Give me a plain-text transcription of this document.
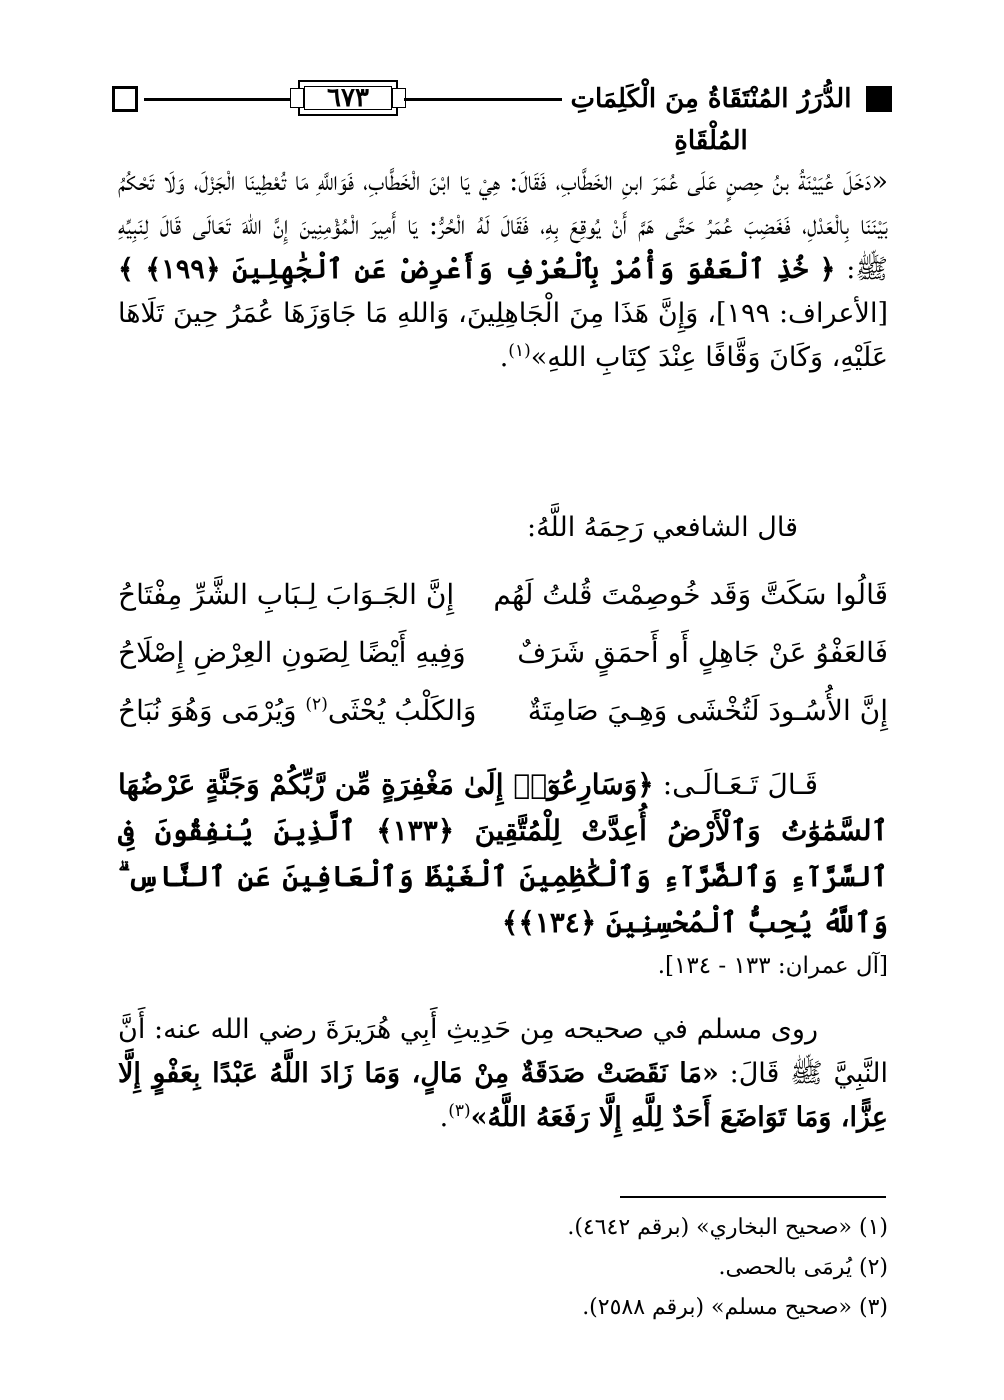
٦٧٣	الدُّرَرُ المُنْتَقَاةُ مِنَ الْكَلِمَاتِ المُلْقَاةِ
«دَخَلَ عُيَيْنَةُ بنُ حِصنٍ عَلَى عُمَرَ ابنِ الخَطَّابِ، فَقَالَ: هِيْ يَا ابْنَ الْخَطَّابِ، فَوَاللَّهِ مَا تُعْطِينَا الْجَزْلَ، وَلَا تَحْكُمُ بَيْنَنَا بِالْعَدْلِ، فَغَضِبَ عُمَرُ حَتَّى هَمَّ أَنْ يُوقِعَ بِهِ، فَقَالَ لَهُ الْحُرُّ: يَا أَمِيرَ الْمُؤْمِنِينَ إِنَّ اللهَ تَعَالَى قَالَ لِنَبِيِّهِ ﷺ: ﴿ خُذِ ٱلْعَفْوَ وَأْمُرْ بِٱلْعُرْفِ وَأَعْرِضْ عَنِ ٱلْجَٰهِلِينَ ﴿١٩٩﴾ ﴾ [الأعراف: ١٩٩]، وَإِنَّ هَذَا مِنَ الْجَاهِلِينَ، وَاللهِ مَا جَاوَزَهَا عُمَرُ حِينَ تَلَاهَا عَلَيْهِ، وَكَانَ وَقَّافًا عِنْدَ كِتَابِ اللهِ»$^{(١)}$.
قال الشافعي رَحِمَهُ اللَّهُ:
قَالُوا سَكَتَّ وَقَد خُوصِمْتَ قُلتُ لَهُم
إِنَّ الجَـوَابَ لِـبَابِ الشَّرِّ مِفْتَاحُ
فَالعَفْوُ عَنْ جَاهِلٍ أَو أَحمَقٍ شَرَفٌ
وَفِيهِ أَيْضًا لِصَونِ العِرْضِ إِصْلَاحُ
إِنَّ الأُسُـودَ لَتُخْشَى وَهِـيَ صَامِتَةٌ
وَالكَلْبُ يُحْثَى$^{(٢)}$ وَيُرْمَى وَهُوَ نُبَاحُ
قَـالَ تَـعَـالَـى: ﴿وَسَارِعُوٓا۟ إِلَىٰ مَغْفِرَةٍ مِّن رَّبِّكُمْ وَجَنَّةٍ عَرْضُهَا ٱلسَّمَٰوَٰتُ وَٱلْأَرْضُ أُعِدَّتْ لِلْمُتَّقِينَ ﴿١٣٣﴾ ٱلَّذِينَ يُنفِقُونَ فِى ٱلسَّرَّآءِ وَٱلضَّرَّآءِ وَٱلْكَٰظِمِينَ ٱلْغَيْظَ وَٱلْعَافِينَ عَنِ ٱلنَّاسِ ۗ وَٱللَّهُ يُحِبُّ ٱلْمُحْسِنِينَ ﴿١٣٤﴾﴾
[آل عمران: ١٣٣ - ١٣٤].
روى مسلم في صحيحه مِن حَدِيثِ أَبِي هُرَيرَةَ رضي الله عنه: أَنَّ النَّبِيَّ ﷺ قَالَ: «مَا نَقَصَتْ صَدَقَةٌ مِنْ مَالٍ، وَمَا زَادَ اللَّهُ عَبْدًا بِعَفْوٍ إِلَّا عِزًّا، وَمَا تَوَاضَعَ أَحَدٌ لِلَّهِ إِلَّا رَفَعَهُ اللَّهُ»$^{(٣)}$.
(١) «صحيح البخاري» (برقم ٤٦٤٢).
(٢) يُرمَى بالحصى.
(٣) «صحيح مسلم» (برقم ٢٥٨٨).
